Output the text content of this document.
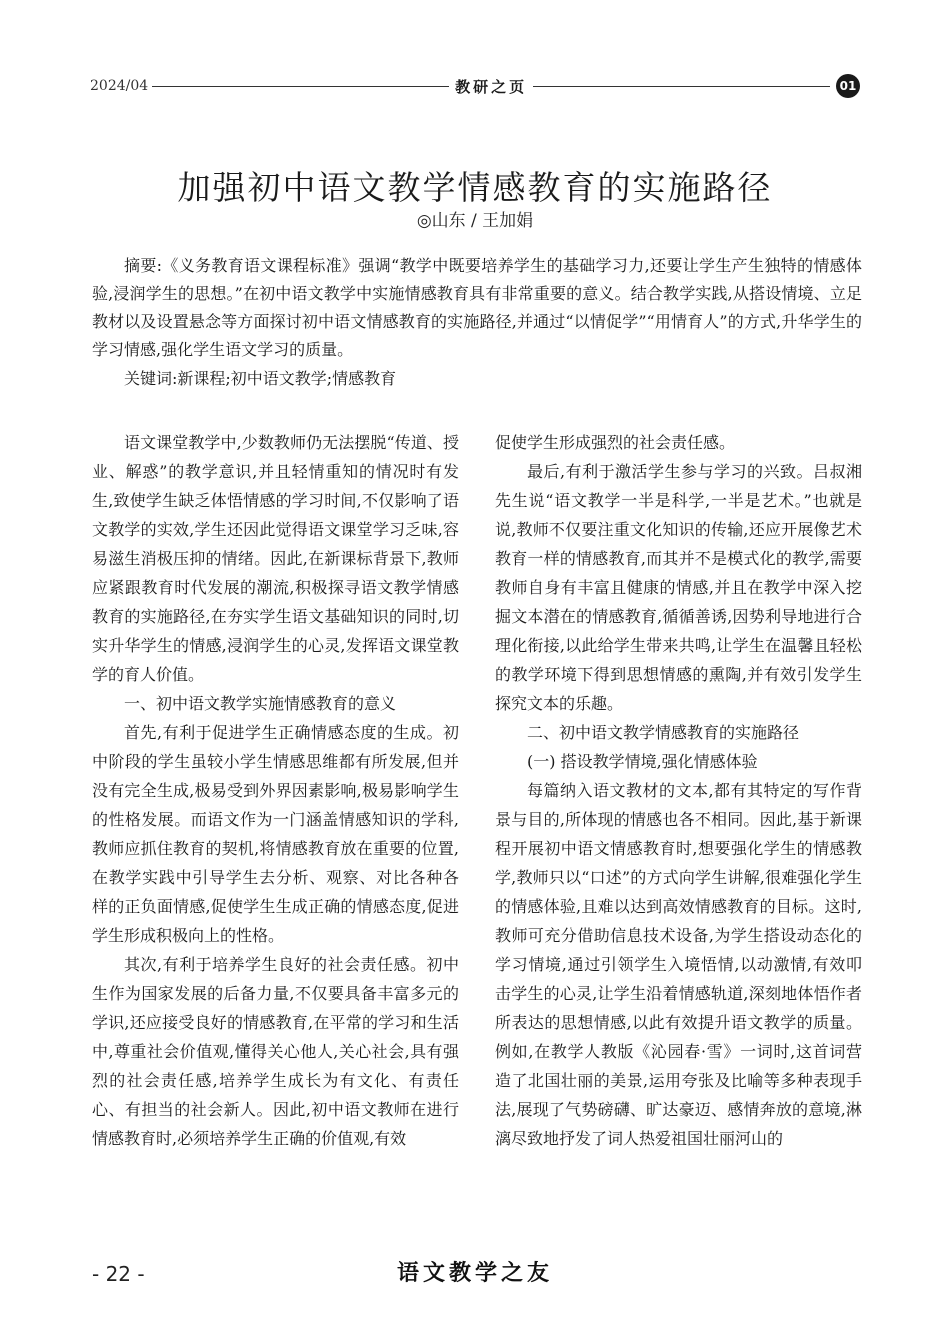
2024/04	教研之页	01
加强初中语文教学情感教育的实施路径
◎山东 / 王加娟

摘要:《义务教育语文课程标准》强调“教学中既要培养学生的基础学习力,还要让学生产生独特的情感体验,浸润学生的思想。”在初中语文教学中实施情感教育具有非常重要的意义。结合教学实践,从搭设情境、立足教材以及设置悬念等方面探讨初中语文情感教育的实施路径,并通过“以情促学”“用情育人”的方式,升华学生的学习情感,强化学生语文学习的质量。

关键词:新课程;初中语文教学;情感教育

语文课堂教学中,少数教师仍无法摆脱“传道、授业、解惑”的教学意识,并且轻情重知的情况时有发生,致使学生缺乏体悟情感的学习时间,不仅影响了语文教学的实效,学生还因此觉得语文课堂学习乏味,容易滋生消极压抑的情绪。因此,在新课标背景下,教师应紧跟教育时代发展的潮流,积极探寻语文教学情感教育的实施路径,在夯实学生语文基础知识的同时,切实升华学生的情感,浸润学生的心灵,发挥语文课堂教学的育人价值。

一、初中语文教学实施情感教育的意义

首先,有利于促进学生正确情感态度的生成。初中阶段的学生虽较小学生情感思维都有所发展,但并没有完全生成,极易受到外界因素影响,极易影响学生的性格发展。而语文作为一门涵盖情感知识的学科,教师应抓住教育的契机,将情感教育放在重要的位置,在教学实践中引导学生去分析、观察、对比各种各样的正负面情感,促使学生生成正确的情感态度,促进学生形成积极向上的性格。

其次,有利于培养学生良好的社会责任感。初中生作为国家发展的后备力量,不仅要具备丰富多元的学识,还应接受良好的情感教育,在平常的学习和生活中,尊重社会价值观,懂得关心他人,关心社会,具有强烈的社会责任感,培养学生成长为有文化、有责任心、有担当的社会新人。因此,初中语文教师在进行情感教育时,必须培养学生正确的价值观,有效

促使学生形成强烈的社会责任感。

最后,有利于激活学生参与学习的兴致。吕叔湘先生说“语文教学一半是科学,一半是艺术。”也就是说,教师不仅要注重文化知识的传输,还应开展像艺术教育一样的情感教育,而其并不是模式化的教学,需要教师自身有丰富且健康的情感,并且在教学中深入挖掘文本潜在的情感教育,循循善诱,因势利导地进行合理化衔接,以此给学生带来共鸣,让学生在温馨且轻松的教学环境下得到思想情感的熏陶,并有效引发学生探究文本的乐趣。

二、初中语文教学情感教育的实施路径

(一) 搭设教学情境,强化情感体验

每篇纳入语文教材的文本,都有其特定的写作背景与目的,所体现的情感也各不相同。因此,基于新课程开展初中语文情感教育时,想要强化学生的情感教学,教师只以“口述”的方式向学生讲解,很难强化学生的情感体验,且难以达到高效情感教育的目标。这时,教师可充分借助信息技术设备,为学生搭设动态化的学习情境,通过引领学生入境悟情,以动激情,有效叩击学生的心灵,让学生沿着情感轨道,深刻地体悟作者所表达的思想情感,以此有效提升语文教学的质量。例如,在教学人教版《沁园春·雪》一词时,这首词营造了北国壮丽的美景,运用夸张及比喻等多种表现手法,展现了气势磅礴、旷达豪迈、感情奔放的意境,淋漓尽致地抒发了词人热爱祖国壮丽河山的

- 22 -	语文教学之友
